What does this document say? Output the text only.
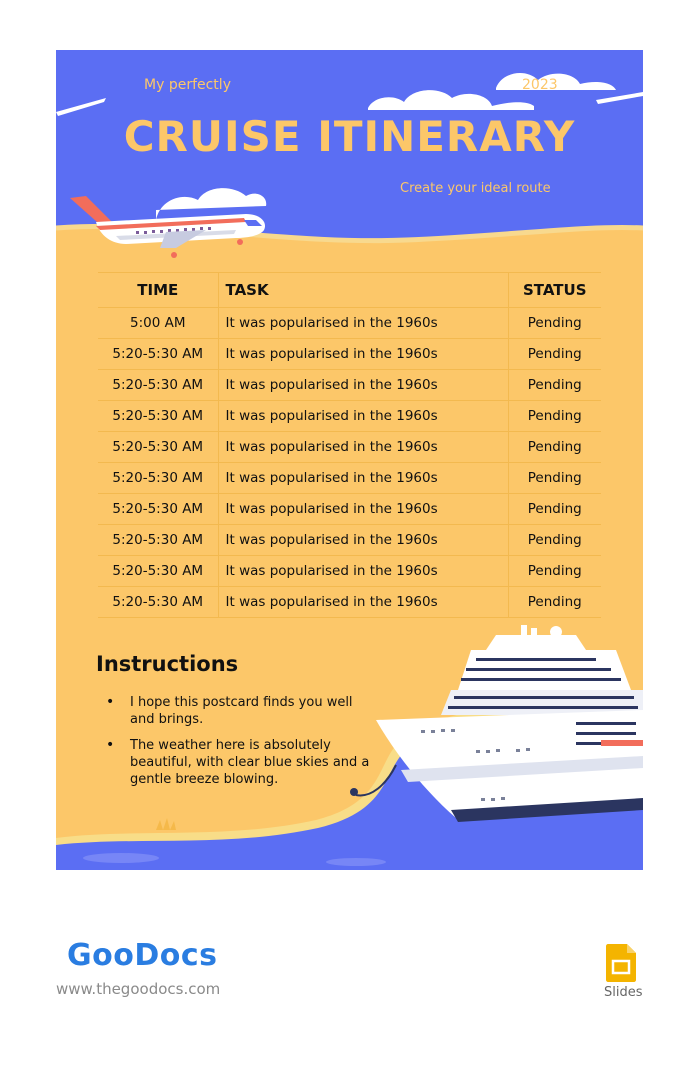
My perfectly	2023
CRUISE ITINERARY
Create your ideal route
TIME	TASK	STATUS
5:00 AM	It was popularised in the 1960s	Pending
5:20-5:30 AM	It was popularised in the 1960s	Pending
5:20-5:30 AM	It was popularised in the 1960s	Pending
5:20-5:30 AM	It was popularised in the 1960s	Pending
5:20-5:30 AM	It was popularised in the 1960s	Pending
5:20-5:30 AM	It was popularised in the 1960s	Pending
5:20-5:30 AM	It was popularised in the 1960s	Pending
5:20-5:30 AM	It was popularised in the 1960s	Pending
5:20-5:30 AM	It was popularised in the 1960s	Pending
5:20-5:30 AM	It was popularised in the 1960s	Pending
Instructions
• I hope this postcard finds you well and brings.
• The weather here is absolutely beautiful, with clear blue skies and a gentle breeze blowing.
GooDocs
www.thegoodocs.com	Slides
